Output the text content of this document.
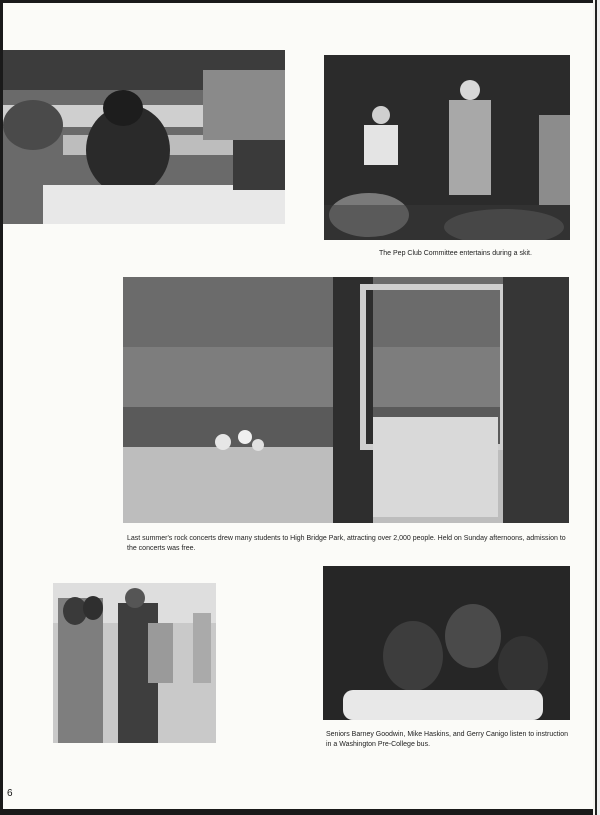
The Pep Club Committee entertains during a skit.
Last summer's rock concerts drew many students to High Bridge Park, attracting over 2,000 people. Held on Sunday afternoons, admission to the concerts was free.
Seniors Barney Goodwin, Mike Haskins, and Gerry Canigo listen to instruction in a Washington Pre-College bus.
6
